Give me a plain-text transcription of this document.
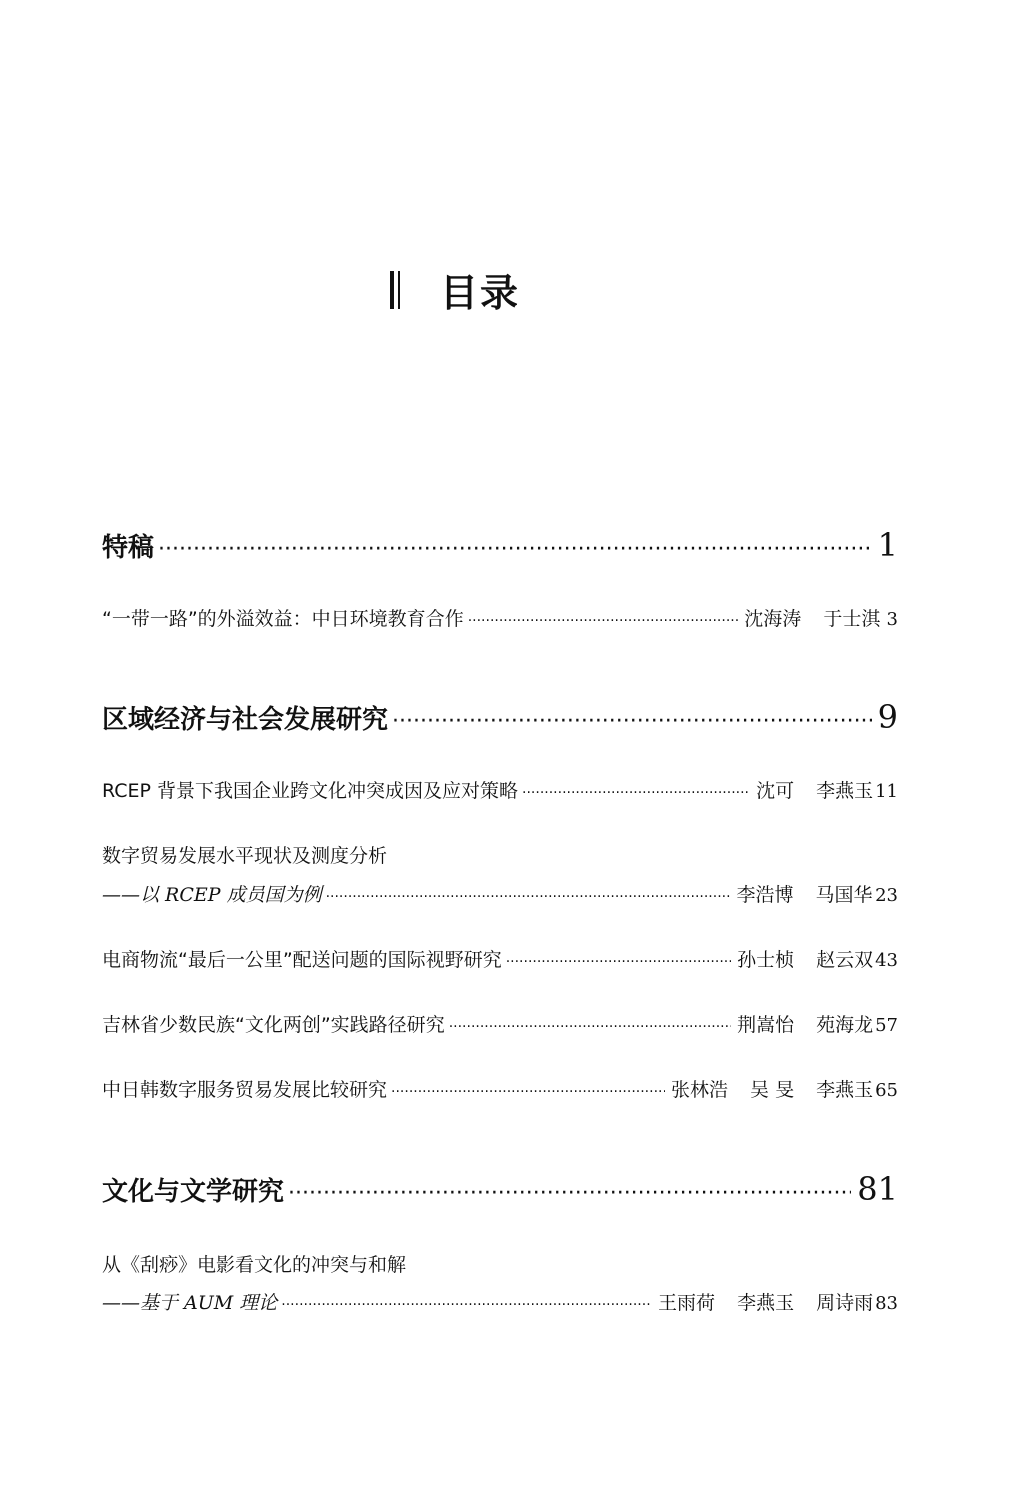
目录
特稿 ·····	1
“一带一路”的外溢效益：中日环境教育合作 ·····	沈海涛 于士淇 3
区域经济与社会发展研究 ·····	9
RCEP 背景下我国企业跨文化冲突成因及应对策略 ·····	沈可 李燕玉 11
数字贸易发展水平现状及测度分析
——以 RCEP 成员国为例 ·····	李浩博 马国华 23
电商物流“最后一公里”配送问题的国际视野研究 ·····	孙士桢 赵云双 43
吉林省少数民族“文化两创”实践路径研究 ·····	荆嵩怡 苑海龙 57
中日韩数字服务贸易发展比较研究 ·····	张林浩 吴 旻 李燕玉 65
文化与文学研究 ·····	81
从《刮痧》电影看文化的冲突与和解
——基于 AUM 理论 ·····	王雨荷 李燕玉 周诗雨 83
